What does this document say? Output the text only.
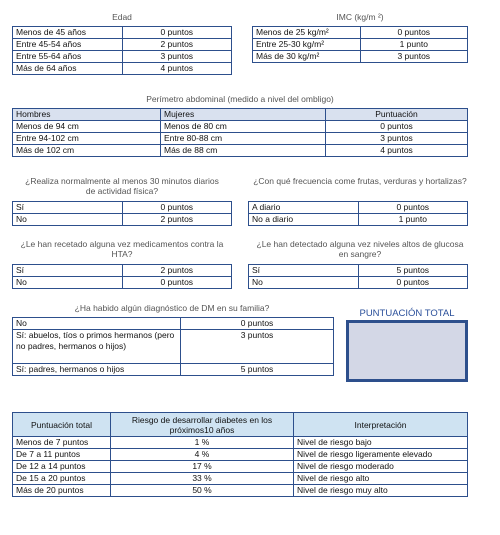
Edad
Menos de 45 años	0 puntos
Entre 45-54 años	2 puntos
Entre 55-64 años	3 puntos
Más de 64 años	4 puntos
IMC (kg/m ²)
Menos de 25 kg/m²	0 puntos
Entre 25-30 kg/m²	1 punto
Más de 30 kg/m²	3 puntos
Perímetro abdominal (medido a nivel del ombligo)
Hombres	Mujeres	Puntuación
Menos de 94 cm	Menos de 80 cm	0 puntos
Entre 94-102 cm	Entre 80-88 cm	3 puntos
Más de 102 cm	Más de 88 cm	4 puntos
¿Realiza normalmente al menos 30 minutos diarios de actividad física?
Sí	0 puntos
No	2 puntos
¿Con qué frecuencia come frutas, verduras y hortalizas?
A diario	0 puntos
No a diario	1 punto
¿Le han recetado alguna vez medicamentos contra la HTA?
Sí	2 puntos
No	0 puntos
¿Le han detectado alguna vez niveles altos de glucosa en sangre?
Sí	5 puntos
No	0 puntos
¿Ha habido algún diagnóstico de DM en su familia?
No	0 puntos
Sí: abuelos, tíos o primos hermanos (pero no padres, hermanos o hijos)	3 puntos
Sí: padres, hermanos o hijos	5 puntos
PUNTUACIÓN TOTAL
Puntuación total	Riesgo de desarrollar diabetes en los próximos10 años	Interpretación
Menos de 7 puntos	1 %	Nivel de riesgo bajo
De 7 a 11 puntos	4 %	Nivel de riesgo ligeramente elevado
De 12 a 14 puntos	17 %	Nivel de riesgo moderado
De 15 a 20 puntos	33 %	Nivel de riesgo alto
Más de 20 puntos	50 %	Nivel de riesgo muy alto
